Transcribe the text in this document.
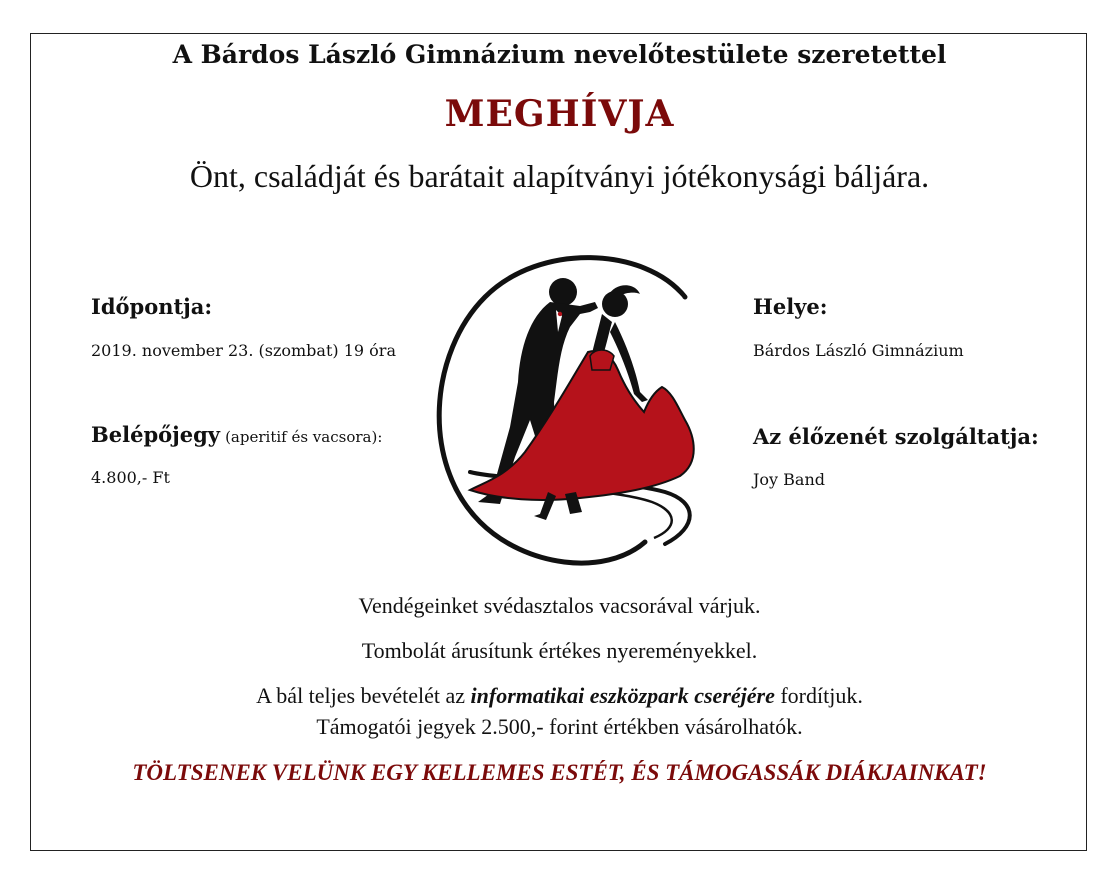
A Bárdos László Gimnázium nevelőtestülete szeretettel
MEGHÍVJA
Önt, családját és barátait alapítványi jótékonysági báljára.
Időpontja:
2019. november 23. (szombat) 19 óra
Belépőjegy (aperitif és vacsora):
4.800,- Ft
Helye:
Bárdos László Gimnázium
Az élőzenét szolgáltatja:
Joy Band
Vendégeinket svédasztalos vacsorával várjuk.
Tombolát árusítunk értékes nyereményekkel.
A bál teljes bevételét az informatikai eszközpark cseréjére fordítjuk.
Támogatói jegyek 2.500,- forint értékben vásárolhatók.
TÖLTSENEK VELÜNK EGY KELLEMES ESTÉT, ÉS TÁMOGASSÁK DIÁKJAINKAT!
